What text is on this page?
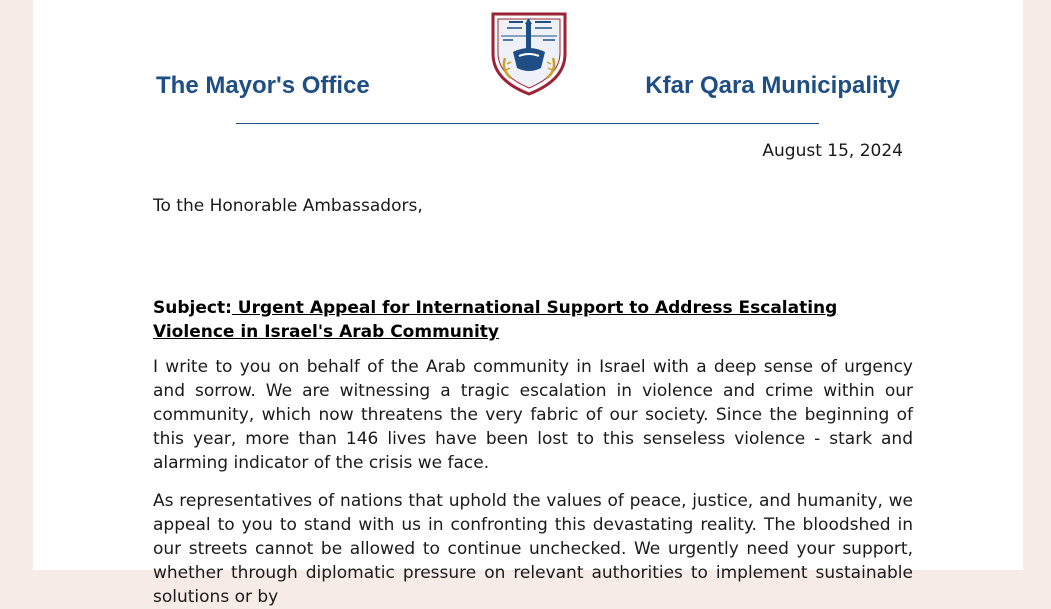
The Mayor's Office	Kfar Qara Municipality
August 15, 2024
To the Honorable Ambassadors,
Subject: Urgent Appeal for International Support to Address Escalating Violence in Israel's Arab Community

I write to you on behalf of the Arab community in Israel with a deep sense of urgency and sorrow. We are witnessing a tragic escalation in violence and crime within our community, which now threatens the very fabric of our society. Since the beginning of this year, more than 146 lives have been lost to this senseless violence - stark and alarming indicator of the crisis we face.

As representatives of nations that uphold the values of peace, justice, and humanity, we appeal to you to stand with us in confronting this devastating reality. The bloodshed in our streets cannot be allowed to continue unchecked. We urgently need your support, whether through diplomatic pressure on relevant authorities to implement sustainable solutions or by
